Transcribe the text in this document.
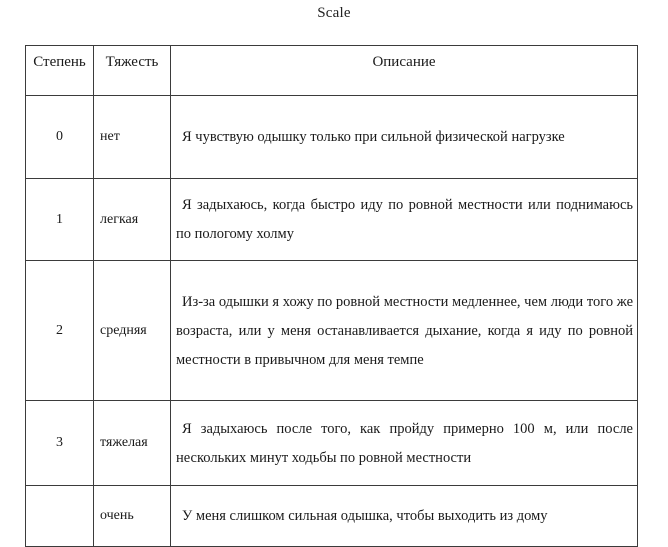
Scale
Степень	Тяжесть	Описание

0	нет	Я чувствую одышку только при сильной физической нагрузке

1	легкая	Я задыхаюсь, когда быстро иду по ровной местности или поднимаюсь по пологому холму

2	средняя	Из-за одышки я хожу по ровной местности медленнее, чем люди того же возраста, или у меня останавливается дыхание, когда я иду по ровной местности в привычном для меня темпе

3	тяжелая	Я задыхаюсь после того, как пройду примерно 100 м, или после нескольких минут ходьбы по ровной местности

	очень	У меня слишком сильная одышка, чтобы выходить из дому
